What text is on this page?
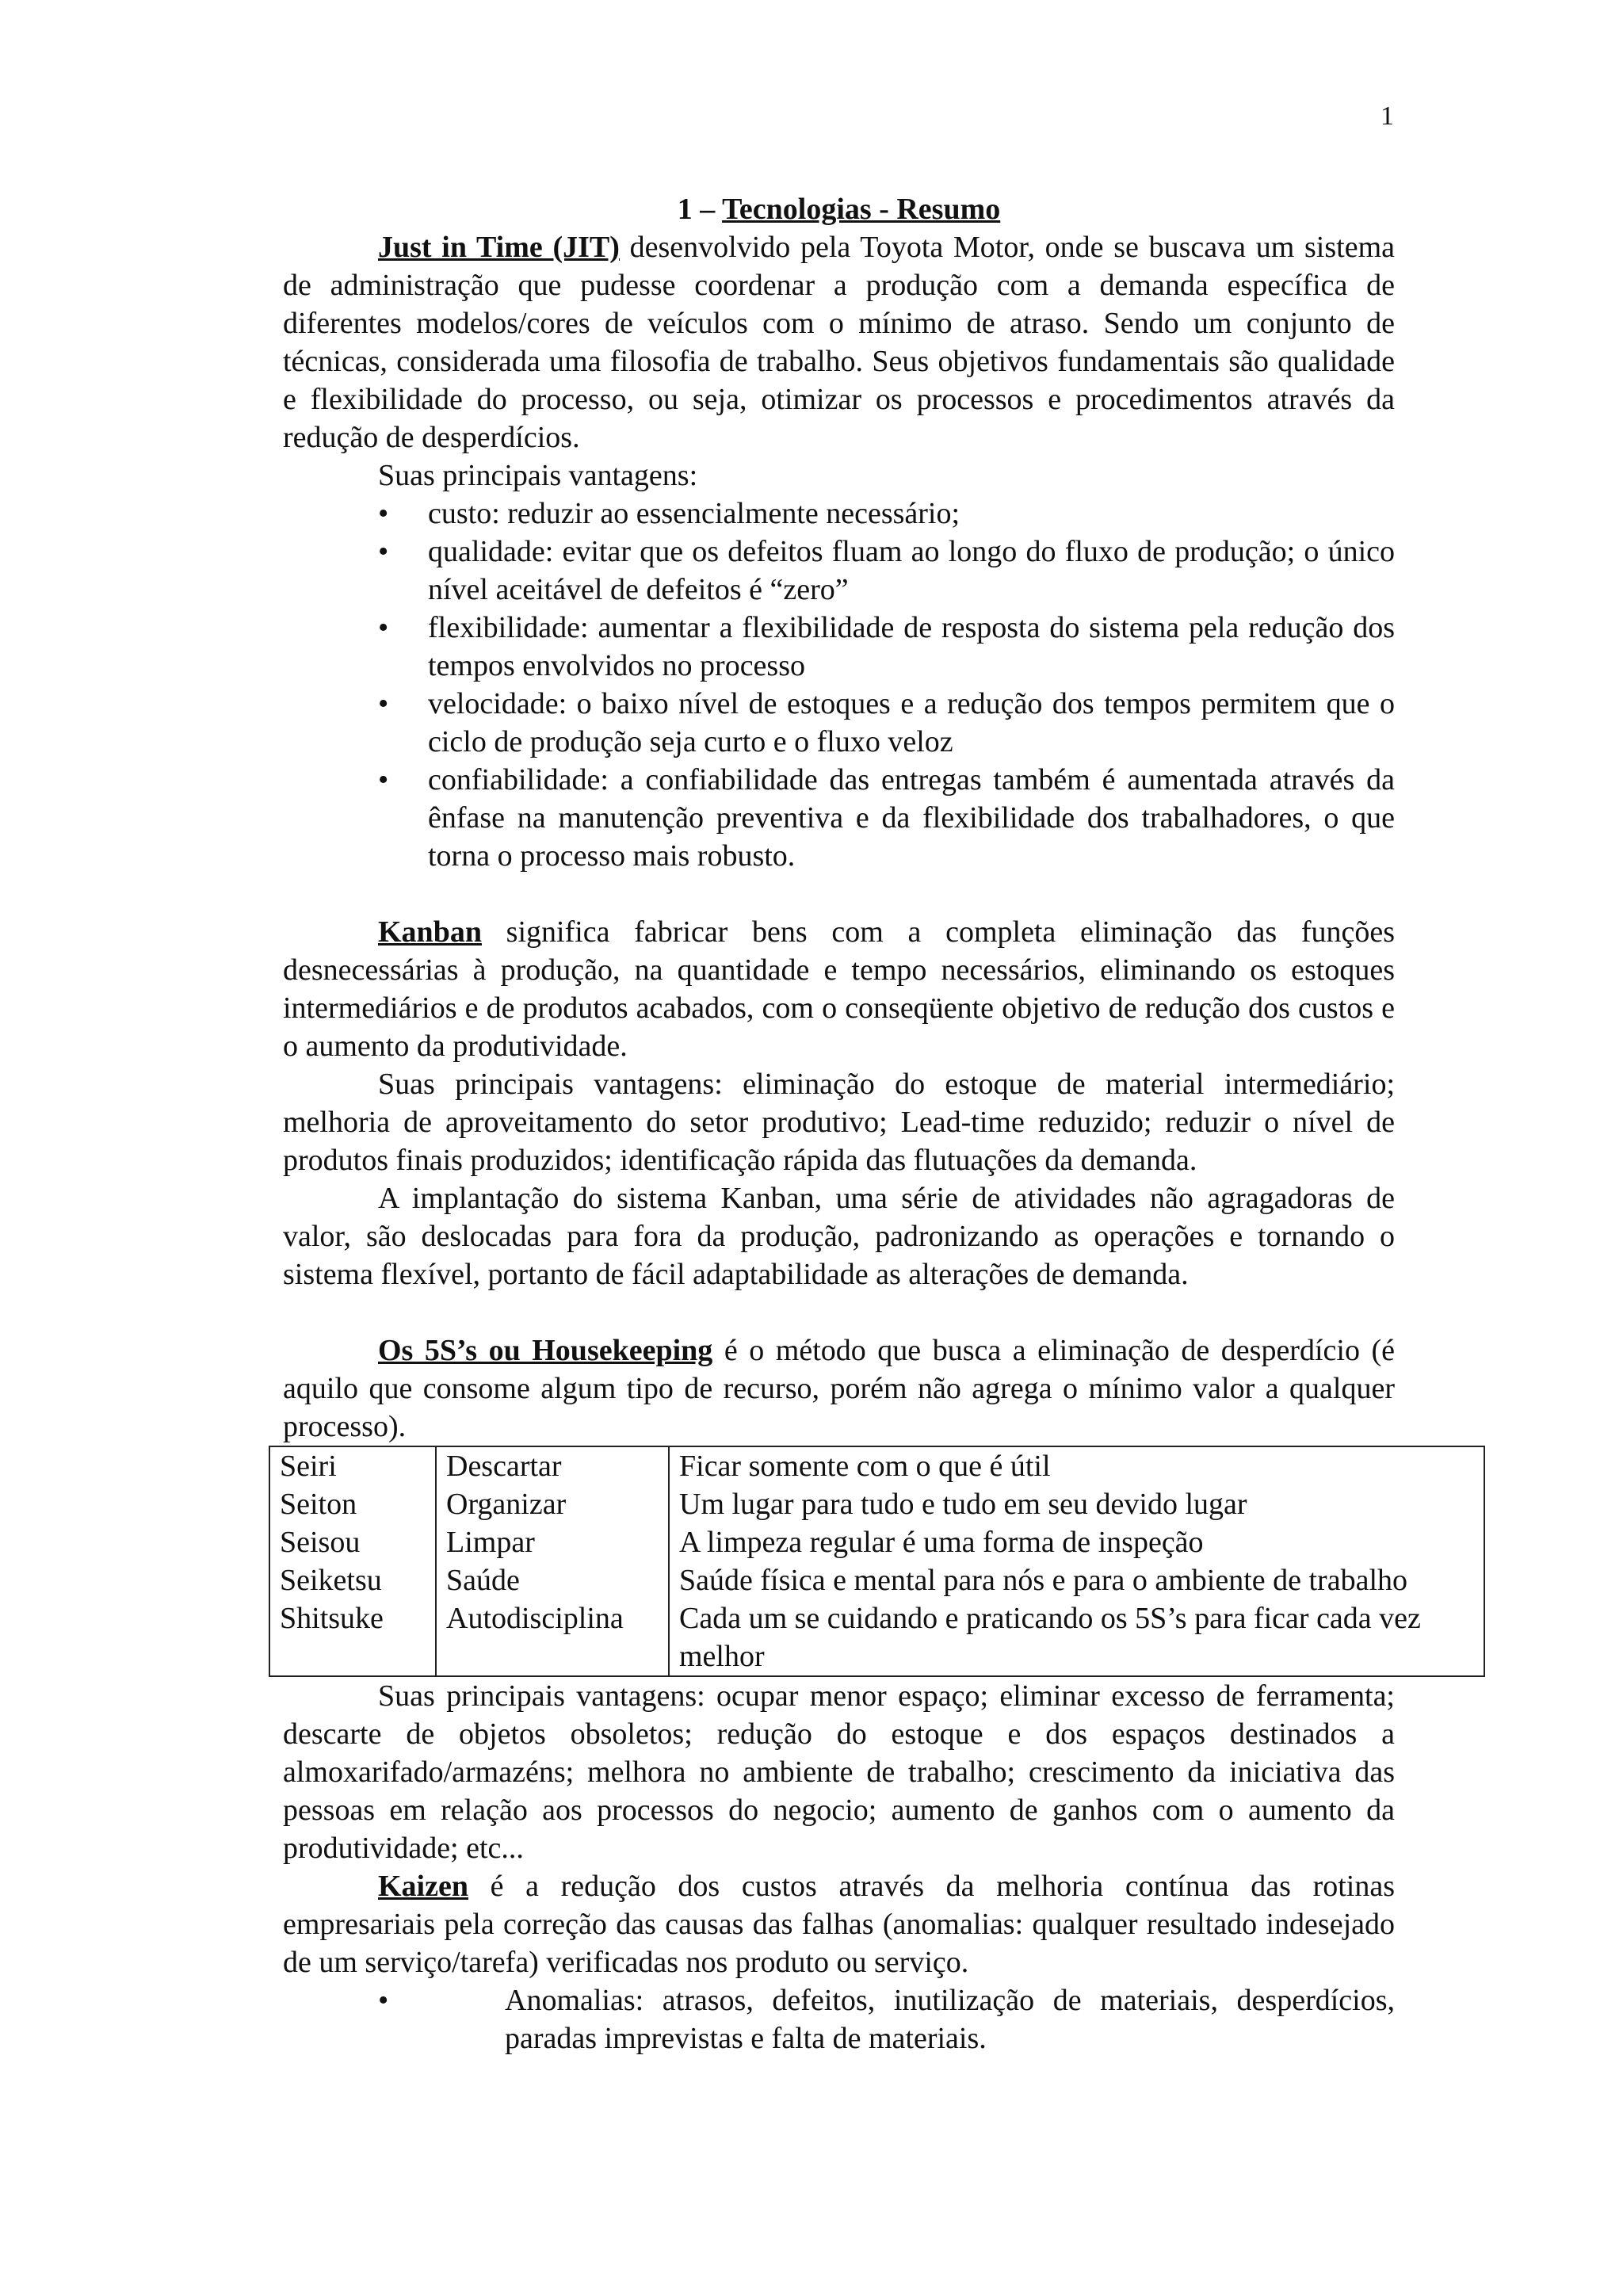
1

1 – Tecnologias - Resumo

Just in Time (JIT) desenvolvido pela Toyota Motor, onde se buscava um sistema de administração que pudesse coordenar a produção com a demanda específica de diferentes modelos/cores de veículos com o mínimo de atraso. Sendo um conjunto de técnicas, considerada uma filosofia de trabalho. Seus objetivos fundamentais são qualidade e flexibilidade do processo, ou seja, otimizar os processos e procedimentos através da redução de desperdícios.

Suas principais vantagens:

• custo: reduzir ao essencialmente necessário;
• qualidade: evitar que os defeitos fluam ao longo do fluxo de produção; o único nível aceitável de defeitos é “zero”
• flexibilidade: aumentar a flexibilidade de resposta do sistema pela redução dos tempos envolvidos no processo
• velocidade: o baixo nível de estoques e a redução dos tempos permitem que o ciclo de produção seja curto e o fluxo veloz
• confiabilidade: a confiabilidade das entregas também é aumentada através da ênfase na manutenção preventiva e da flexibilidade dos trabalhadores, o que torna o processo mais robusto.

Kanban significa fabricar bens com a completa eliminação das funções desnecessárias à produção, na quantidade e tempo necessários, eliminando os estoques intermediários e de produtos acabados, com o conseqüente objetivo de redução dos custos e o aumento da produtividade.

Suas principais vantagens: eliminação do estoque de material intermediário; melhoria de aproveitamento do setor produtivo; Lead-time reduzido; reduzir o nível de produtos finais produzidos; identificação rápida das flutuações da demanda.

A implantação do sistema Kanban, uma série de atividades não agragadoras de valor, são deslocadas para fora da produção, padronizando as operações e tornando o sistema flexível, portanto de fácil adaptabilidade as alterações de demanda.

Os 5S’s ou Housekeeping é o método que busca a eliminação de desperdício (é aquilo que consome algum tipo de recurso, porém não agrega o mínimo valor a qualquer processo).

Seiri	Descartar	Ficar somente com o que é útil
Seiton	Organizar	Um lugar para tudo e tudo em seu devido lugar
Seisou	Limpar	A limpeza regular é uma forma de inspeção
Seiketsu	Saúde	Saúde física e mental para nós e para o ambiente de trabalho
Shitsuke	Autodisciplina	Cada um se cuidando e praticando os 5S’s para ficar cada vez melhor

Suas principais vantagens: ocupar menor espaço; eliminar excesso de ferramenta; descarte de objetos obsoletos; redução do estoque e dos espaços destinados a almoxarifado/armazéns; melhora no ambiente de trabalho; crescimento da iniciativa das pessoas em relação aos processos do negocio; aumento de ganhos com o aumento da produtividade; etc...

Kaizen é a redução dos custos através da melhoria contínua das rotinas empresariais pela correção das causas das falhas (anomalias: qualquer resultado indesejado de um serviço/tarefa) verificadas nos produto ou serviço.

• Anomalias: atrasos, defeitos, inutilização de materiais, desperdícios, paradas imprevistas e falta de materiais.
